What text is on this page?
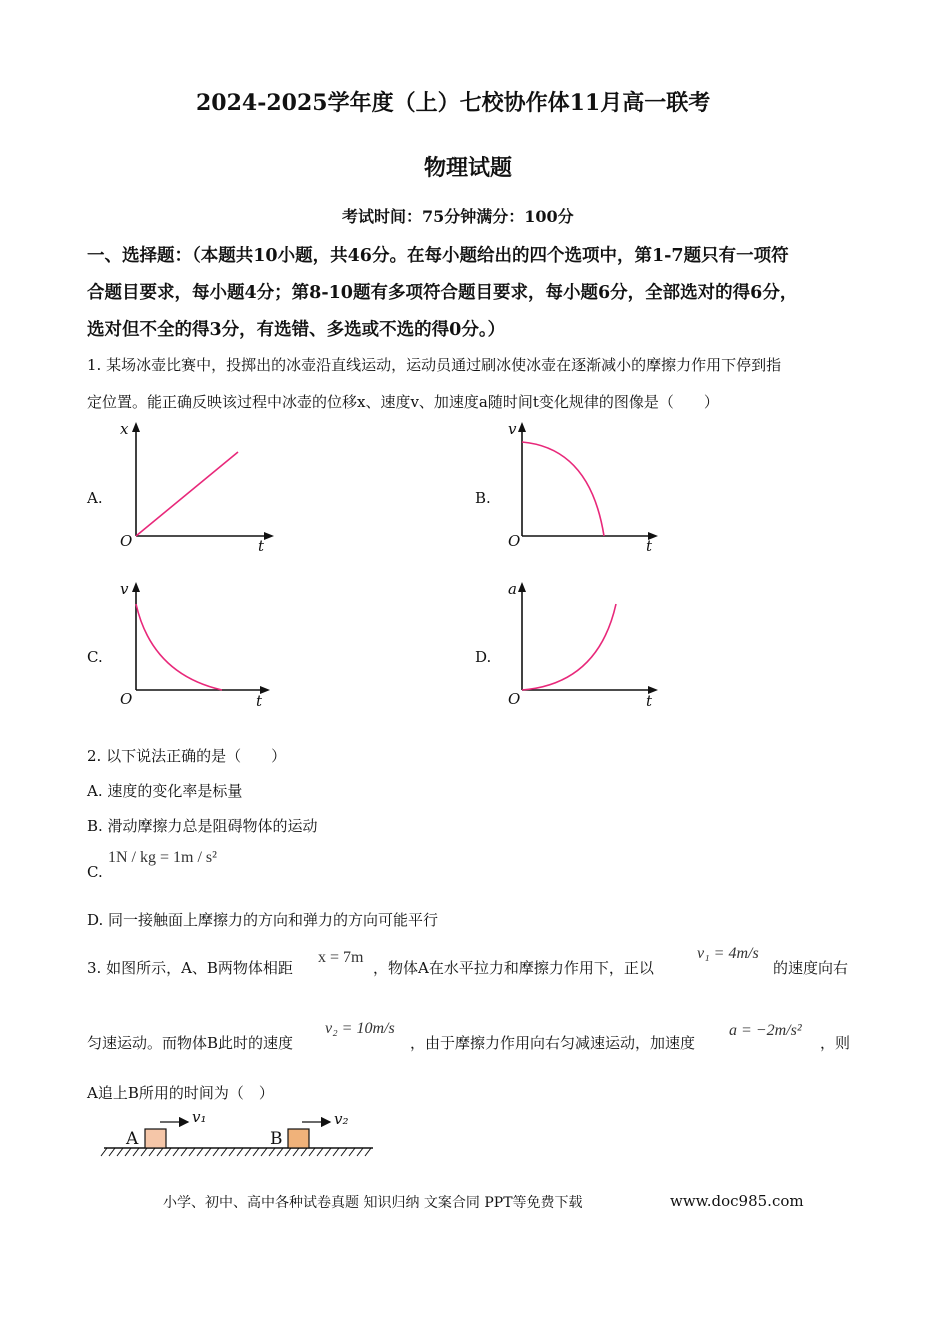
2024-2025学年度（上）七校协作体11月高一联考
物理试题
考试时间：75分钟满分：100分
一、选择题：（本题共10小题，共46分。在每小题给出的四个选项中，第1-7题只有一项符
合题目要求，每小题4分；第8-10题有多项符合题目要求，每小题6分，全部选对的得6分，
选对但不全的得3分，有选错、多选或不选的得0分。）
1. 某场冰壶比赛中，投掷出的冰壶沿直线运动，运动员通过刷冰使冰壶在逐渐减小的摩擦力作用下停到指
定位置。能正确反映该过程中冰壶的位移x、速度v、加速度a随时间t变化规律的图像是（　　）
A.
x
t
O
B.
v
t
O
C.
v
t
O
D.
a
t
O
2. 以下说法正确的是（　　）
A. 速度的变化率是标量
B. 滑动摩擦力总是阻碍物体的运动
1N / kg = 1m / s²
C.
D. 同一接触面上摩擦力的方向和弹力的方向可能平行
3. 如图所示，A、B两物体相距
x = 7m
，物体A在水平拉力和摩擦力作用下，正以
v₁ = 4m/s
的速度向右
匀速运动。而物体B此时的速度
v₂ = 10m/s
，由于摩擦力作用向右匀减速运动，加速度
a = −2m/s²
，则
A追上B所用的时间为（　）
A	B
v₁	v₂
小学、初中、高中各种试卷真题 知识归纳 文案合同 PPT等免费下载	www.doc985.com
